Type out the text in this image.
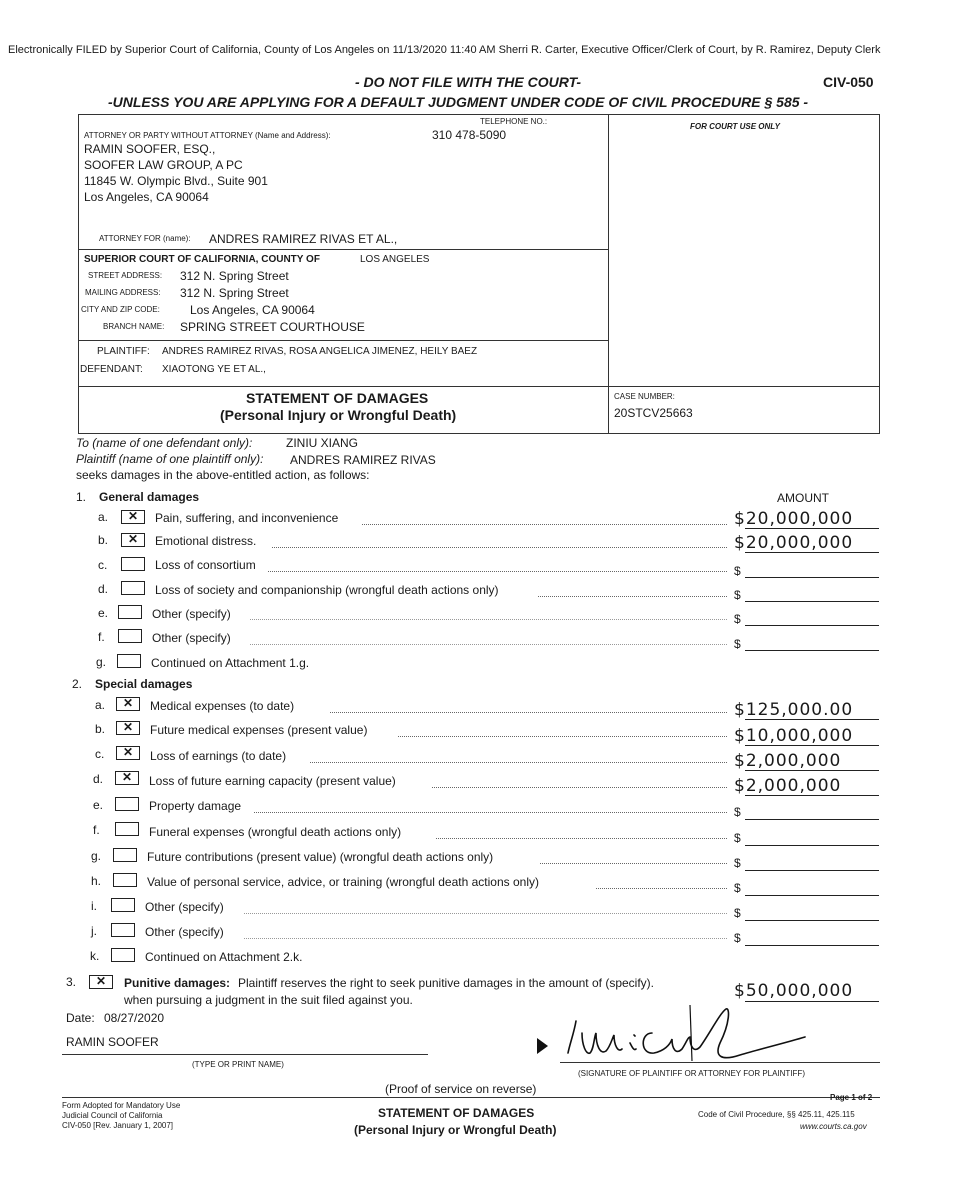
Electronically FILED by Superior Court of California, County of Los Angeles on 11/13/2020 11:40 AM Sherri R. Carter, Executive Officer/Clerk of Court, by R. Ramirez, Deputy Clerk
- DO NOT FILE WITH THE COURT-	CIV-050
-UNLESS YOU ARE APPLYING FOR A DEFAULT JUDGMENT UNDER CODE OF CIVIL PROCEDURE § 585 -
TELEPHONE NO.:
ATTORNEY OR PARTY WITHOUT ATTORNEY (Name and Address):	310 478-5090
FOR COURT USE ONLY
RAMIN SOOFER, ESQ.,
SOOFER LAW GROUP, A PC
11845 W. Olympic Blvd., Suite 901
Los Angeles, CA 90064
ATTORNEY FOR (name): ANDRES RAMIREZ RIVAS ET AL.,
SUPERIOR COURT OF CALIFORNIA, COUNTY OF	LOS ANGELES
STREET ADDRESS: 312 N. Spring Street
MAILING ADDRESS: 312 N. Spring Street
CITY AND ZIP CODE:	Los Angeles, CA 90064
BRANCH NAME: SPRING STREET COURTHOUSE
PLAINTIFF: ANDRES RAMIREZ RIVAS, ROSA ANGELICA JIMENEZ, HEILY BAEZ
DEFENDANT: XIAOTONG YE ET AL.,
STATEMENT OF DAMAGES
(Personal Injury or Wrongful Death)
CASE NUMBER:
20STCV25663
To (name of one defendant only):	ZINIU XIANG
Plaintiff (name of one plaintiff only): ANDRES RAMIREZ RIVAS
seeks damages in the above-entitled action, as follows:
AMOUNT
1. General damages
a.	✕	Pain, suffering, and inconvenience	$20,000,000
b.	✕	Emotional distress.	$20,000,000
c.	Loss of consortium	$
d.	Loss of society and companionship (wrongful death actions only)	$
e.	Other (specify)	$
f.	Other (specify)	$
g.	Continued on Attachment 1.g.
2. Special damages
a.	✕	Medical expenses (to date)	$125,000.00
b.	✕	Future medical expenses (present value)	$10,000,000
c.	✕	Loss of earnings (to date)	$2,000,000
d.	✕	Loss of future earning capacity (present value)	$2,000,000
e.	Property damage	$
f.	Funeral expenses (wrongful death actions only)	$
g.	Future contributions (present value) (wrongful death actions only)	$
h.	Value of personal service, advice, or training (wrongful death actions only)	$
i.	Other (specify)	$
j.	Other (specify)	$
k.	Continued on Attachment 2.k.
3.	✕	Punitive damages: Plaintiff reserves the right to seek punitive damages in the amount of (specify).
when pursuing a judgment in the suit filed against you.	$50,000,000
Date: 08/27/2020
RAMIN SOOFER
(TYPE OR PRINT NAME)
(SIGNATURE OF PLAINTIFF OR ATTORNEY FOR PLAINTIFF)
(Proof of service on reverse)
Page 1 of 2
Form Adopted for Mandatory Use
Judicial Council of California
CIV-050 [Rev. January 1, 2007]
STATEMENT OF DAMAGES
(Personal Injury or Wrongful Death)
Code of Civil Procedure, §§ 425.11, 425.115
www.courts.ca.gov
